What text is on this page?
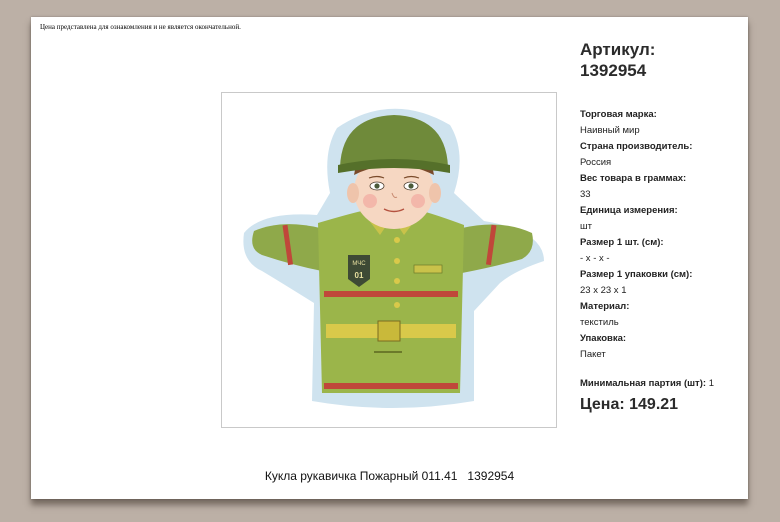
Цена представлена для ознакомления и не является окончательной.
МЧС
01
Артикул:
1392954
Торговая марка:
Наивный мир
Страна производитель:
Россия
Вес товара в граммах:
33
Единица измерения:
шт
Размер 1 шт. (см):
- x - x -
Размер 1 упаковки (см):
23 x 23 x 1
Материал:
текстиль
Упаковка:
Пакет
Минимальная партия (шт): 1
Цена: 149.21
Кукла рукавичка Пожарный 011.41   1392954
